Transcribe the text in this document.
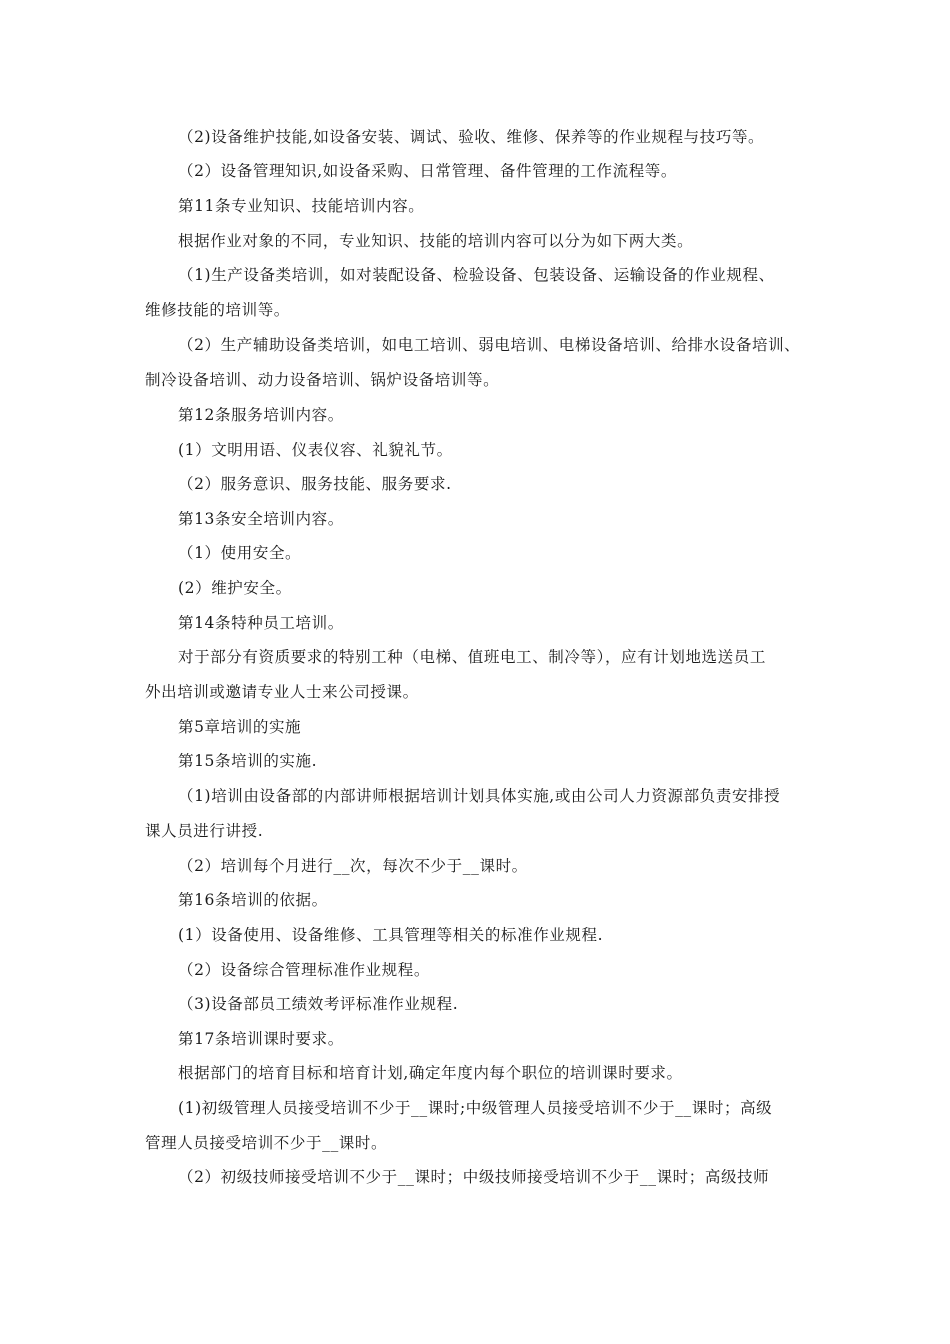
（2)设备维护技能,如设备安装、调试、验收、维修、保养等的作业规程与技巧等。
（2）设备管理知识,如设备采购、日常管理、备件管理的工作流程等。
第11条专业知识、技能培训内容。
根据作业对象的不同，专业知识、技能的培训内容可以分为如下两大类。
（1)生产设备类培训，如对装配设备、检验设备、包装设备、运输设备的作业规程、
维修技能的培训等。
（2）生产辅助设备类培训，如电工培训、弱电培训、电梯设备培训、给排水设备培训、
制冷设备培训、动力设备培训、锅炉设备培训等。
第12条服务培训内容。
(1）文明用语、仪表仪容、礼貌礼节。
（2）服务意识、服务技能、服务要求.
第13条安全培训内容。
（1）使用安全。
(2）维护安全。
第14条特种员工培训。
对于部分有资质要求的特别工种（电梯、值班电工、制冷等），应有计划地选送员工
外出培训或邀请专业人士来公司授课。
第5章培训的实施
第15条培训的实施.
（1)培训由设备部的内部讲师根据培训计划具体实施,或由公司人力资源部负责安排授
课人员进行讲授.
（2）培训每个月进行__次，每次不少于__课时。
第16条培训的依据。
(1）设备使用、设备维修、工具管理等相关的标准作业规程.
（2）设备综合管理标准作业规程。
（3)设备部员工绩效考评标准作业规程.
第17条培训课时要求。
根据部门的培育目标和培育计划,确定年度内每个职位的培训课时要求。
(1)初级管理人员接受培训不少于__课时;中级管理人员接受培训不少于__课时；高级
管理人员接受培训不少于__课时。
（2）初级技师接受培训不少于__课时；中级技师接受培训不少于__课时；高级技师
